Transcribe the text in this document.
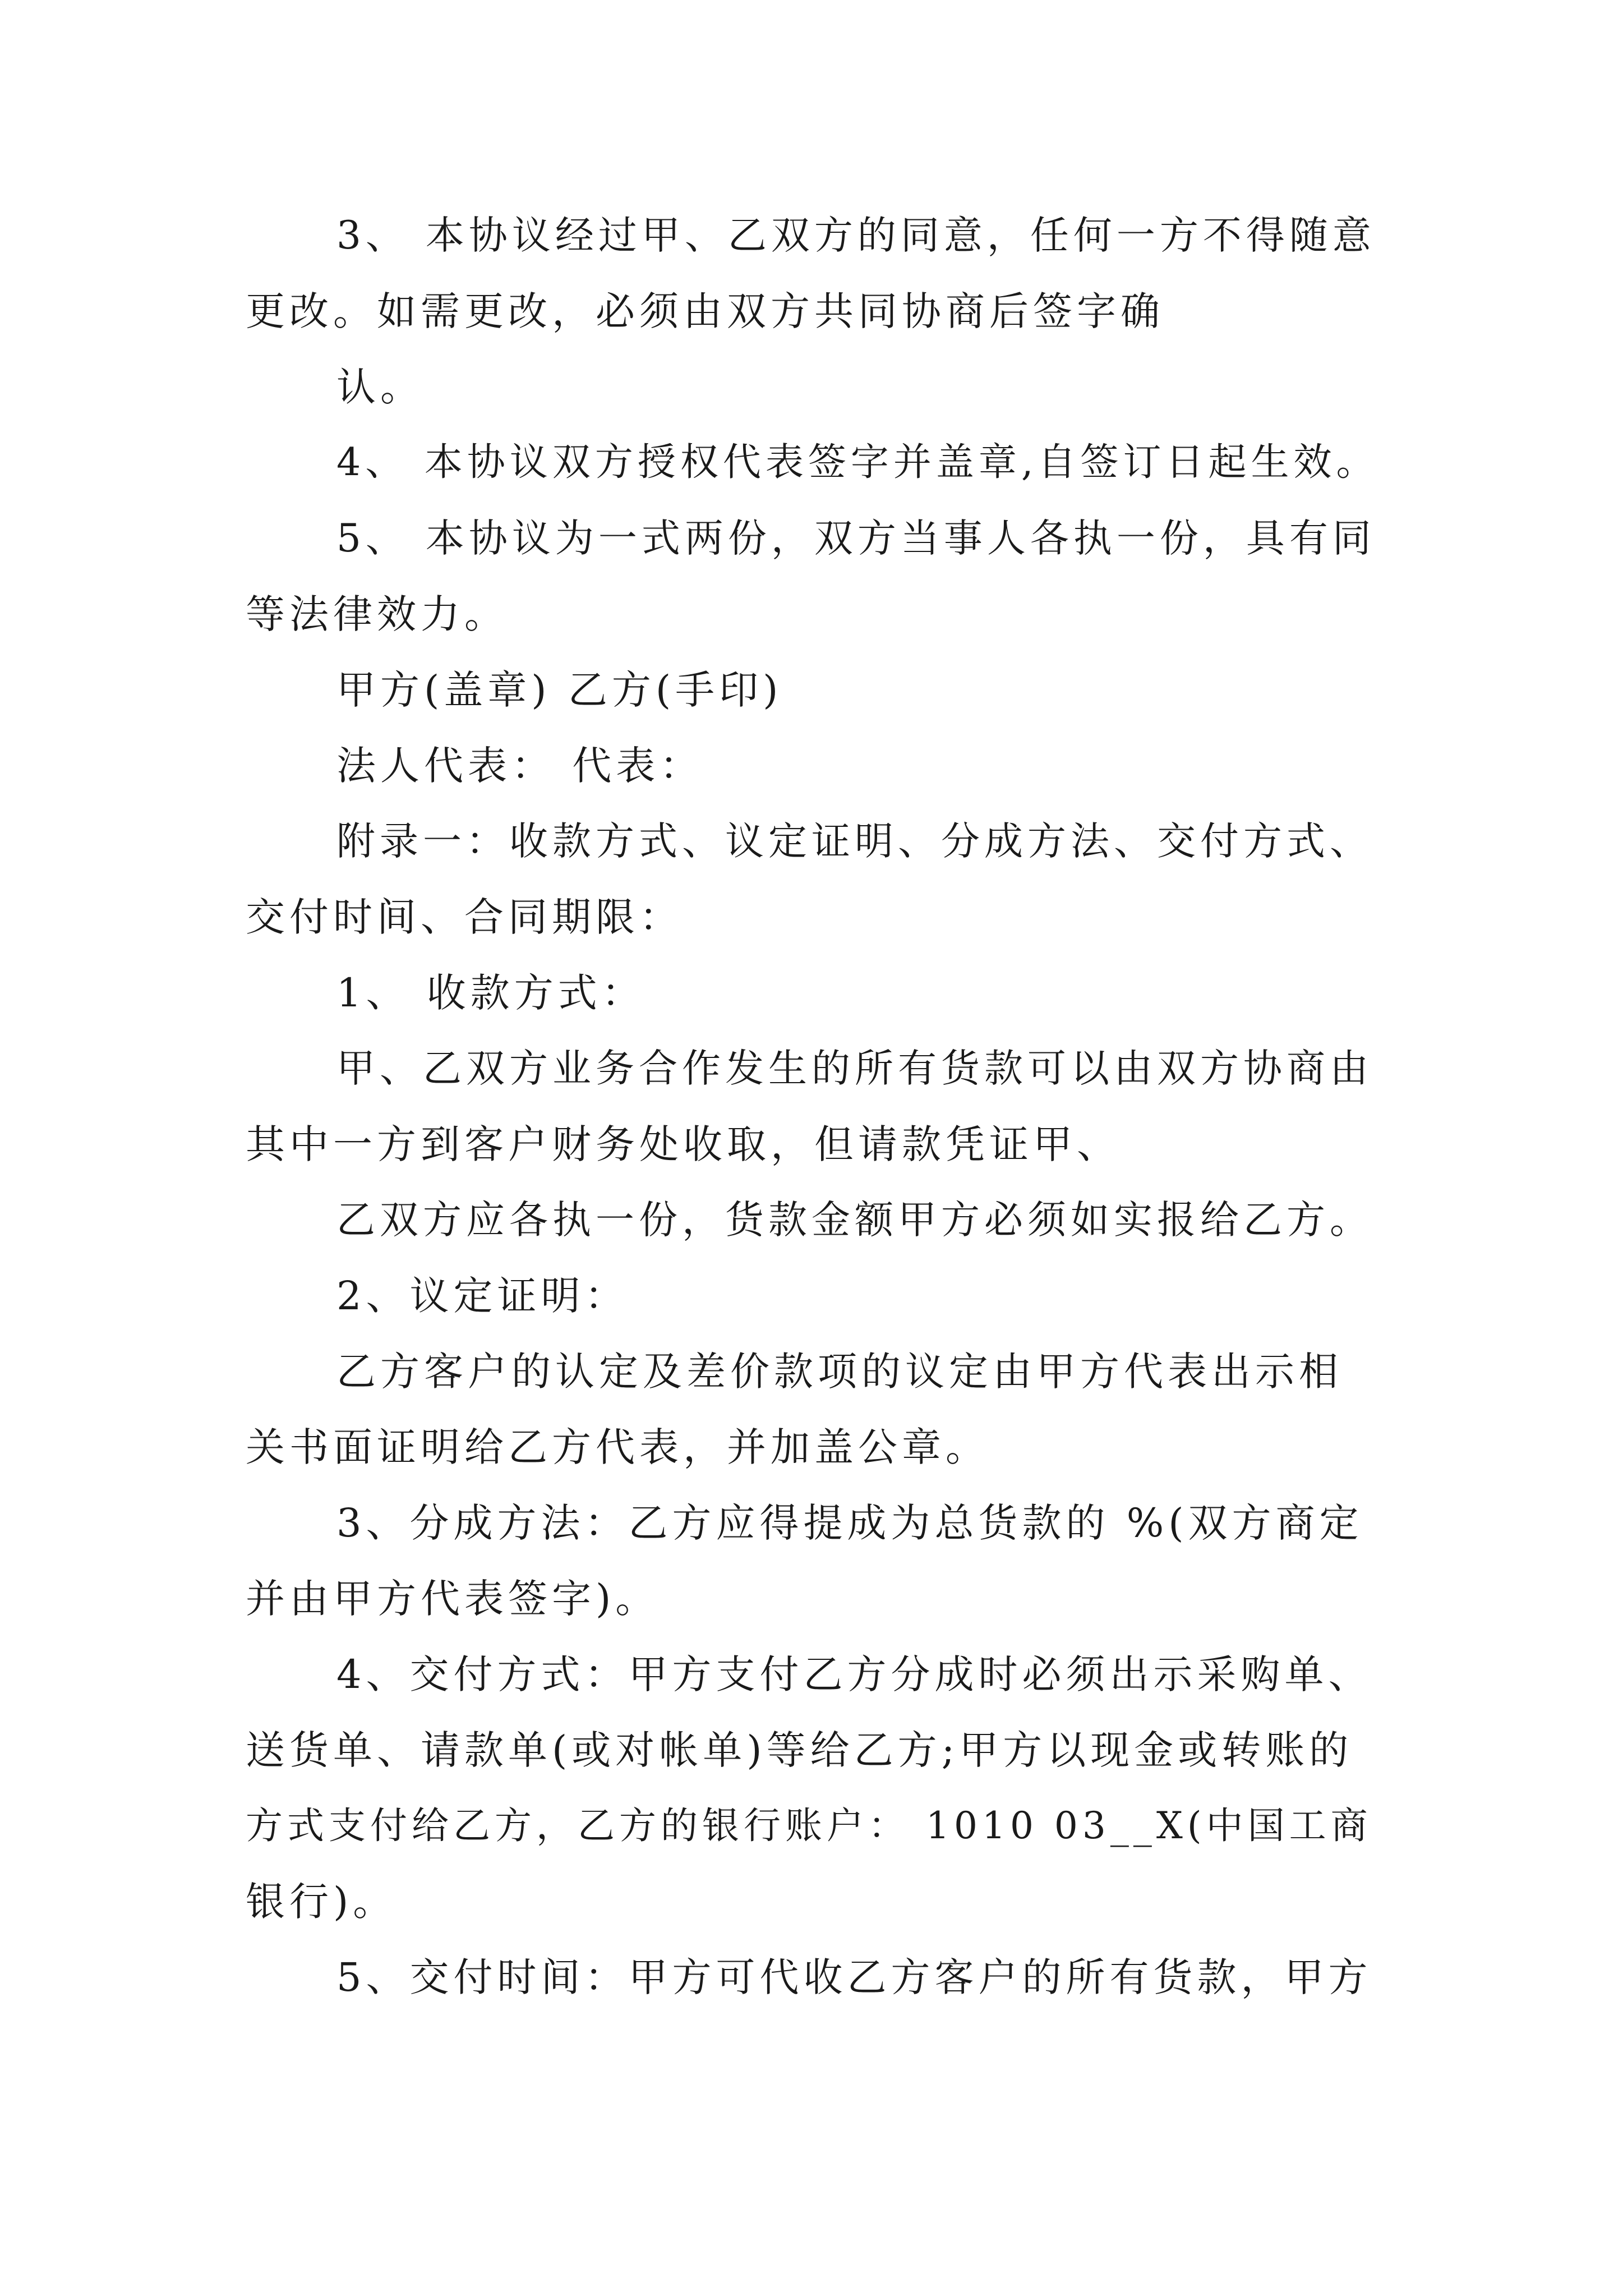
3、 本协议经过甲、乙双方的同意，任何一方不得随意
更改。如需更改，必须由双方共同协商后签字确
认。
4、 本协议双方授权代表签字并盖章,自签订日起生效。
5、 本协议为一式两份，双方当事人各执一份，具有同
等法律效力。
甲方(盖章) 乙方(手印)
法人代表： 代表：
附录一：收款方式、议定证明、分成方法、交付方式、
交付时间、合同期限：
1、 收款方式：
甲、乙双方业务合作发生的所有货款可以由双方协商由
其中一方到客户财务处收取，但请款凭证甲、
乙双方应各执一份，货款金额甲方必须如实报给乙方。
2、议定证明：
乙方客户的认定及差价款项的议定由甲方代表出示相
关书面证明给乙方代表，并加盖公章。
3、分成方法：乙方应得提成为总货款的 %(双方商定
并由甲方代表签字)。
4、交付方式：甲方支付乙方分成时必须出示采购单、
送货单、请款单(或对帐单)等给乙方;甲方以现金或转账的
方式支付给乙方，乙方的银行账户： 1010 03__X(中国工商
银行)。
5、交付时间：甲方可代收乙方客户的所有货款，甲方
